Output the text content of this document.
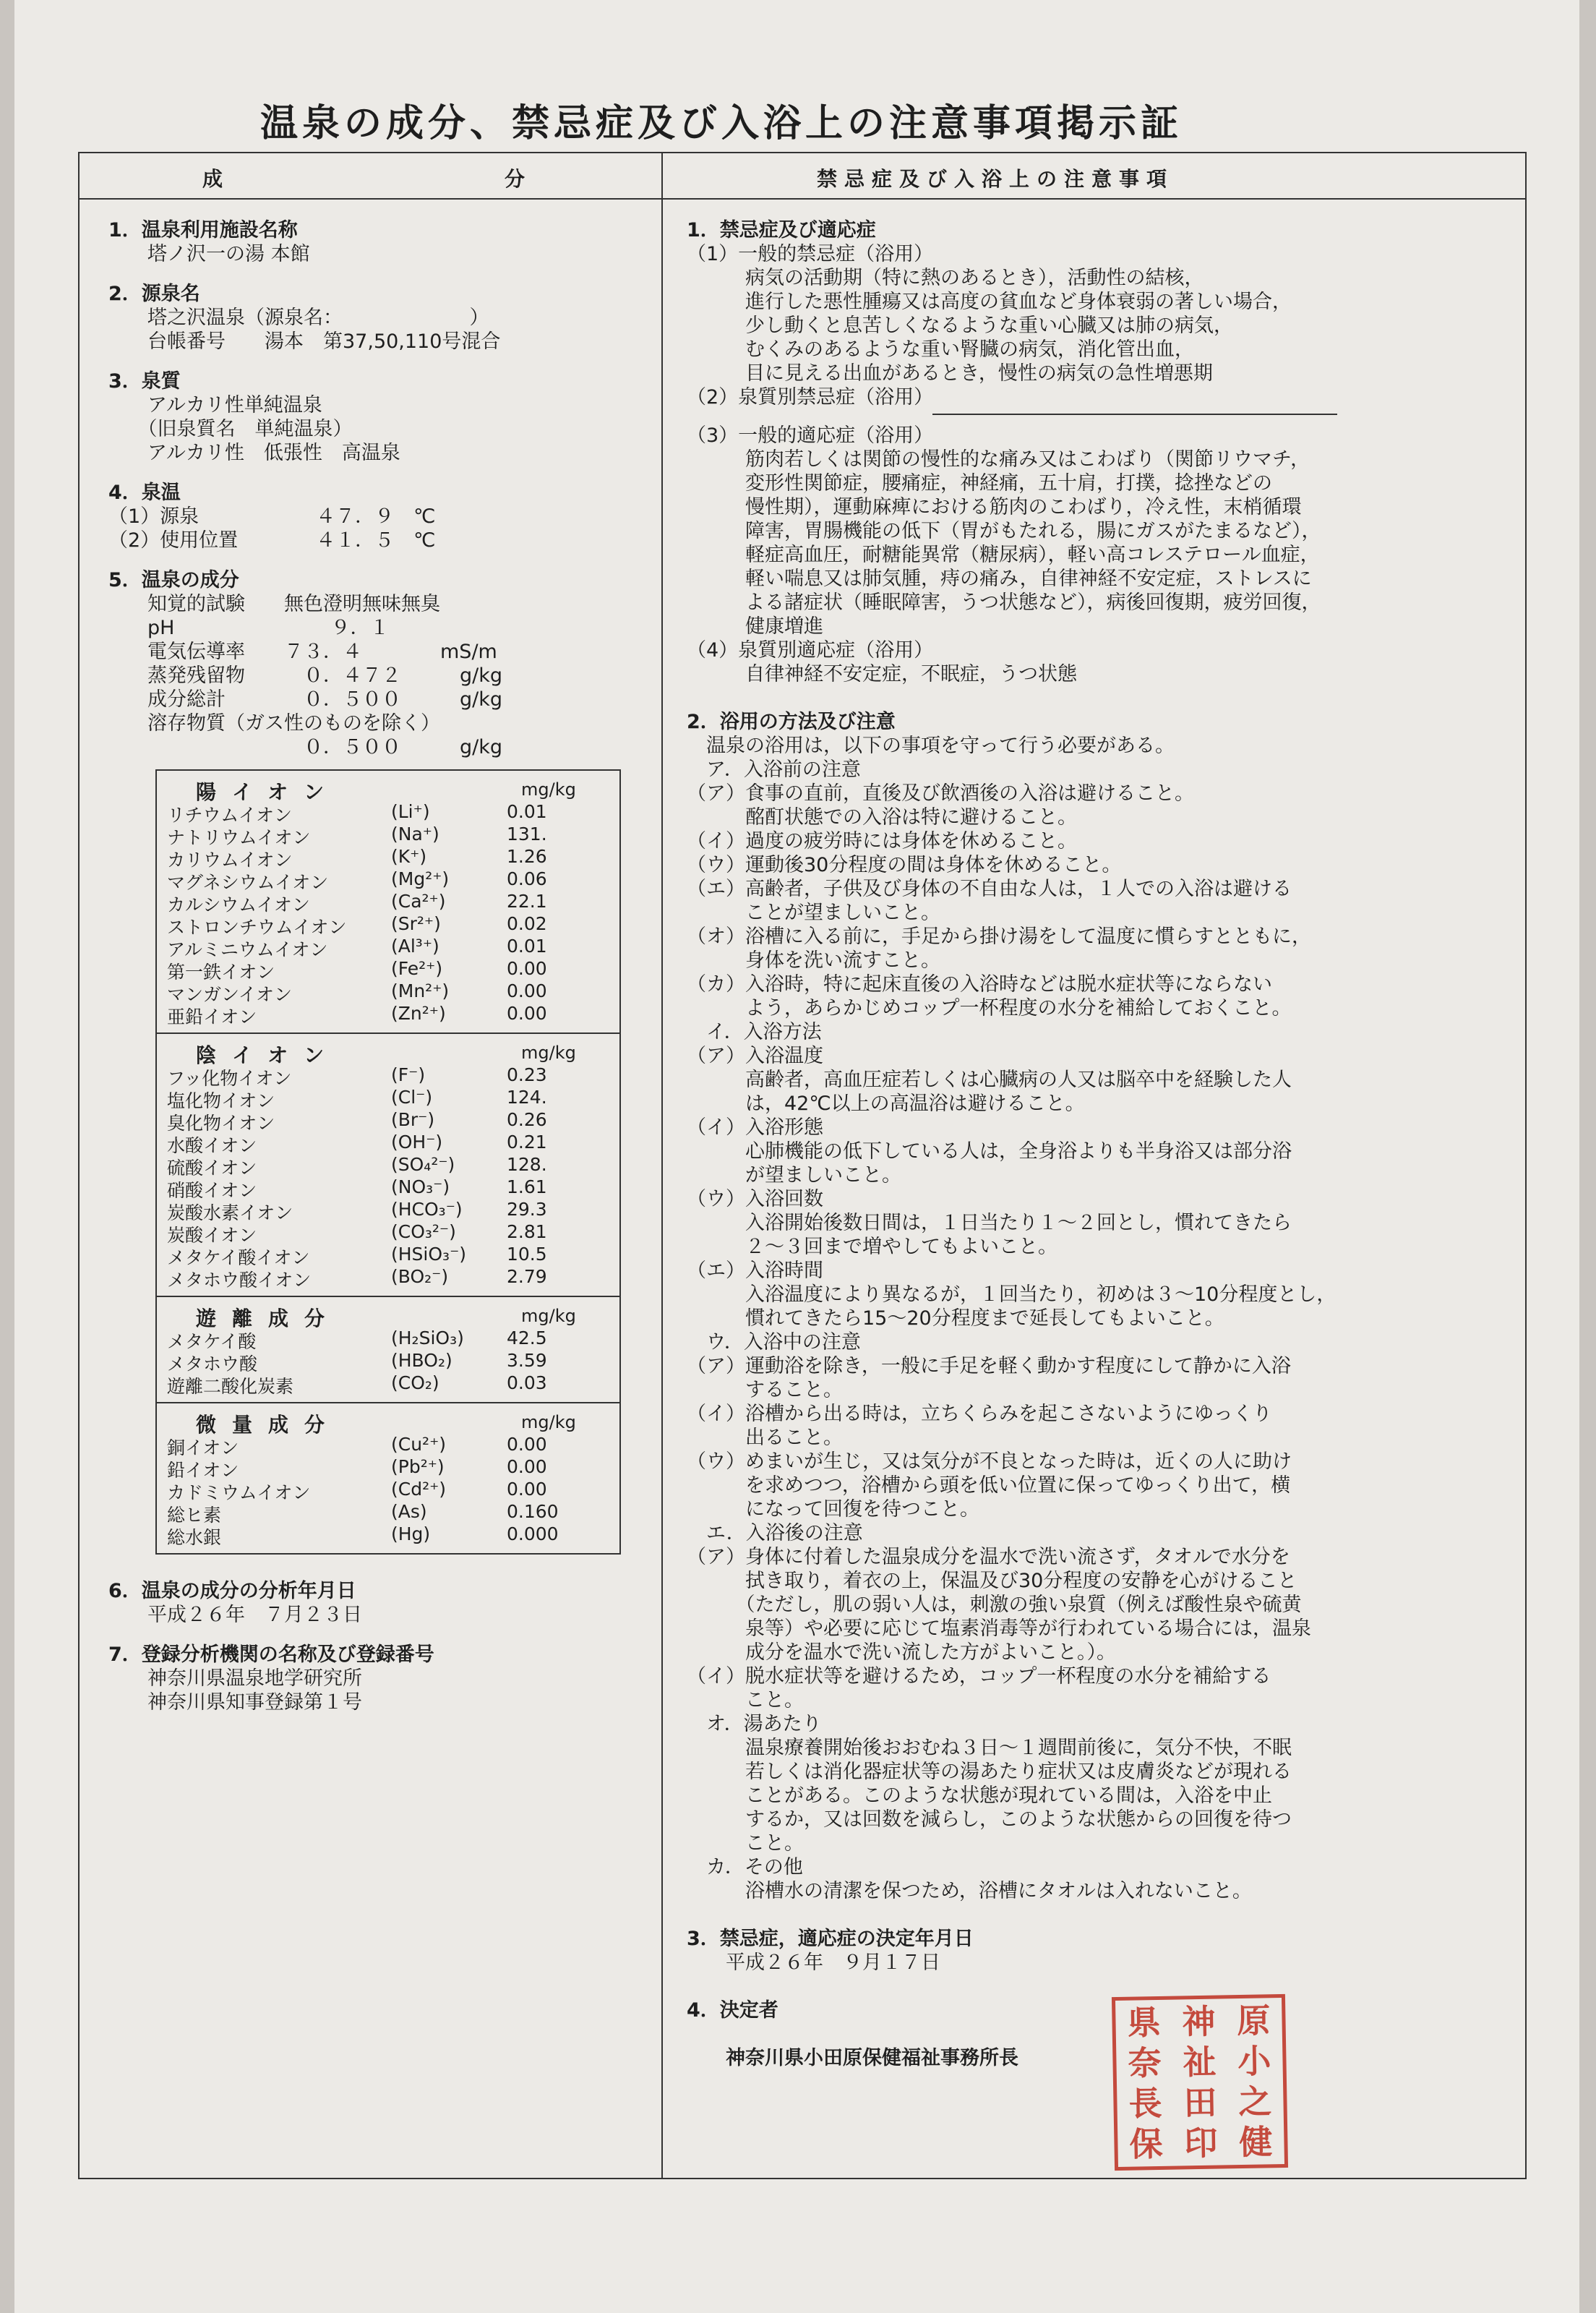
温泉の成分、禁忌症及び入浴上の注意事項掲示証
成　　　　　　　　　　分	禁忌症及び入浴上の注意事項
1．温泉利用施設名称
　　塔ノ沢一の湯 本館
2．源泉名
　　塔之沢温泉（源泉名：　　　　　　　）
　　台帳番号　　湯本　第37,50,110号混合
3．泉質
　　アルカリ性単純温泉
　　（旧泉質名　単純温泉）
　　アルカリ性　低張性　高温泉
4．泉温
（1）源泉　　　　　　４７．９　℃
（2）使用位置　　　　４１．５　℃
5．温泉の成分
　　知覚的試験　　無色澄明無味無臭
　　pH　　　　　　　　９．１
　　電気伝導率　　７３．４　　　　mS/m
　　蒸発残留物　　　０．４７２　　　g/kg
　　成分総計　　　　０．５００　　　g/kg
　　溶存物質（ガス性のものを除く）
　　　　　　　　　　０．５００　　　g/kg
陽イオン	mg/kg
リチウムイオン	(Li⁺)	0.01
ナトリウムイオン	(Na⁺)	131.
カリウムイオン	(K⁺)	1.26
マグネシウムイオン	(Mg²⁺)	0.06
カルシウムイオン	(Ca²⁺)	22.1
ストロンチウムイオン (Sr²⁺)	0.02
アルミニウムイオン	(Al³⁺)	0.01
第一鉄イオン	(Fe²⁺)	0.00
マンガンイオン	(Mn²⁺)	0.00
亜鉛イオン	(Zn²⁺)	0.00
陰イオン	mg/kg
フッ化物イオン	(F⁻)	0.23
塩化物イオン	(Cl⁻)	124.
臭化物イオン	(Br⁻)	0.26
水酸イオン	(OH⁻)	0.21
硫酸イオン	(SO₄²⁻)	128.
硝酸イオン	(NO₃⁻)	1.61
炭酸水素イオン	(HCO₃⁻) 29.3
炭酸イオン	(CO₃²⁻)	2.81
メタケイ酸イオン	(HSiO₃⁻) 10.5
メタホウ酸イオン	(BO₂⁻)	2.79
遊離成分	mg/kg
メタケイ酸	(H₂SiO₃) 42.5
メタホウ酸	(HBO₂)	3.59
遊離二酸化炭素	(CO₂)	0.03
微量成分	mg/kg
銅イオン	(Cu²⁺)	0.00
鉛イオン	(Pb²⁺)	0.00
カドミウムイオン	(Cd²⁺)	0.00
総ヒ素	(As)	0.160
総水銀	(Hg)	0.000
6．温泉の成分の分析年月日
　　平成２６年　７月２３日
7．登録分析機関の名称及び登録番号
　　神奈川県温泉地学研究所
　　神奈川県知事登録第１号
1．禁忌症及び適応症
（1）一般的禁忌症（浴用）
　　　病気の活動期（特に熱のあるとき），活動性の結核，
　　　進行した悪性腫瘍又は高度の貧血など身体衰弱の著しい場合，
　　　少し動くと息苦しくなるような重い心臓又は肺の病気，
　　　むくみのあるような重い腎臓の病気，消化管出血，
　　　目に見える出血があるとき，慢性の病気の急性増悪期
（2）泉質別禁忌症（浴用）
（3）一般的適応症（浴用）
　　　筋肉若しくは関節の慢性的な痛み又はこわばり（関節リウマチ，
　　　変形性関節症，腰痛症，神経痛，五十肩，打撲，捻挫などの
　　　慢性期），運動麻痺における筋肉のこわばり，冷え性，末梢循環
　　　障害，胃腸機能の低下（胃がもたれる，腸にガスがたまるなど），
　　　軽症高血圧，耐糖能異常（糖尿病），軽い高コレステロール血症，
　　　軽い喘息又は肺気腫，痔の痛み，自律神経不安定症，ストレスに
　　　よる諸症状（睡眠障害，うつ状態など），病後回復期，疲労回復，
　　　健康増進
（4）泉質別適応症（浴用）
　　　自律神経不安定症，不眠症，うつ状態

2．浴用の方法及び注意
　温泉の浴用は，以下の事項を守って行う必要がある。
　ア．入浴前の注意
（ア）食事の直前，直後及び飲酒後の入浴は避けること。
　　　酩酊状態での入浴は特に避けること。
（イ）過度の疲労時には身体を休めること。
（ウ）運動後30分程度の間は身体を休めること。
（エ）高齢者，子供及び身体の不自由な人は，１人での入浴は避ける
　　　ことが望ましいこと。
（オ）浴槽に入る前に，手足から掛け湯をして温度に慣らすとともに，
　　　身体を洗い流すこと。
（カ）入浴時，特に起床直後の入浴時などは脱水症状等にならない
　　　よう，あらかじめコップ一杯程度の水分を補給しておくこと。
　イ．入浴方法
（ア）入浴温度
　　　高齢者，高血圧症若しくは心臓病の人又は脳卒中を経験した人
　　　は，42℃以上の高温浴は避けること。
（イ）入浴形態
　　　心肺機能の低下している人は，全身浴よりも半身浴又は部分浴
　　　が望ましいこと。
（ウ）入浴回数
　　　入浴開始後数日間は，１日当たり１～２回とし，慣れてきたら
　　　２～３回まで増やしてもよいこと。
（エ）入浴時間
　　　入浴温度により異なるが，１回当たり，初めは３～10分程度とし，
　　　慣れてきたら15～20分程度まで延長してもよいこと。
　ウ．入浴中の注意
（ア）運動浴を除き，一般に手足を軽く動かす程度にして静かに入浴
　　　すること。
（イ）浴槽から出る時は，立ちくらみを起こさないようにゆっくり
　　　出ること。
（ウ）めまいが生じ，又は気分が不良となった時は，近くの人に助け
　　　を求めつつ，浴槽から頭を低い位置に保ってゆっくり出て，横
　　　になって回復を待つこと。
　エ．入浴後の注意
（ア）身体に付着した温泉成分を温水で洗い流さず，タオルで水分を
　　　拭き取り，着衣の上，保温及び30分程度の安静を心がけること
　　　（ただし，肌の弱い人は，刺激の強い泉質（例えば酸性泉や硫黄
　　　泉等）や必要に応じて塩素消毒等が行われている場合には，温泉
　　　成分を温水で洗い流した方がよいこと。）。
（イ）脱水症状等を避けるため，コップ一杯程度の水分を補給する
　　　こと。
　オ．湯あたり
　　　温泉療養開始後おおむね３日～１週間前後に，気分不快，不眠
　　　若しくは消化器症状等の湯あたり症状又は皮膚炎などが現れる
　　　ことがある。このような状態が現れている間は，入浴を中止
　　　するか，又は回数を減らし，このような状態からの回復を待つ
　　　こと。
　カ．その他
　　　浴槽水の清潔を保つため，浴槽にタオルは入れないこと。

3．禁忌症，適応症の決定年月日
　　平成２６年　９月１７日

4．決定者

　　神奈川県小田原保健福祉事務所長
県 神 原
奈 祉 小
長 田 之
保 印 健
